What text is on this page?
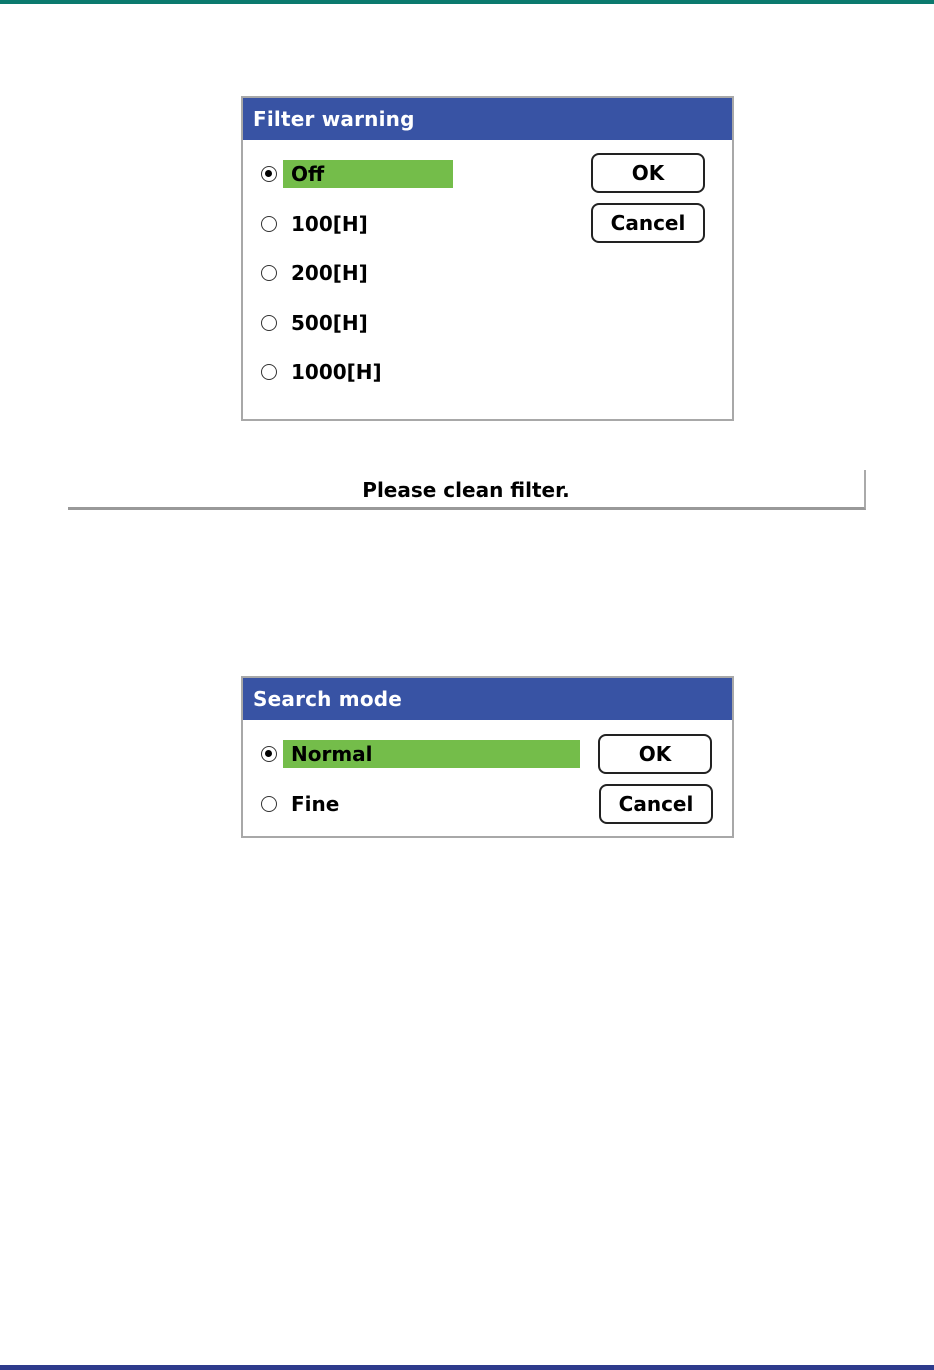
Filter warning
Off
100[H]
200[H]
500[H]
1000[H]
OK
Cancel
Please clean filter.
Search mode
Normal
Fine
OK
Cancel
